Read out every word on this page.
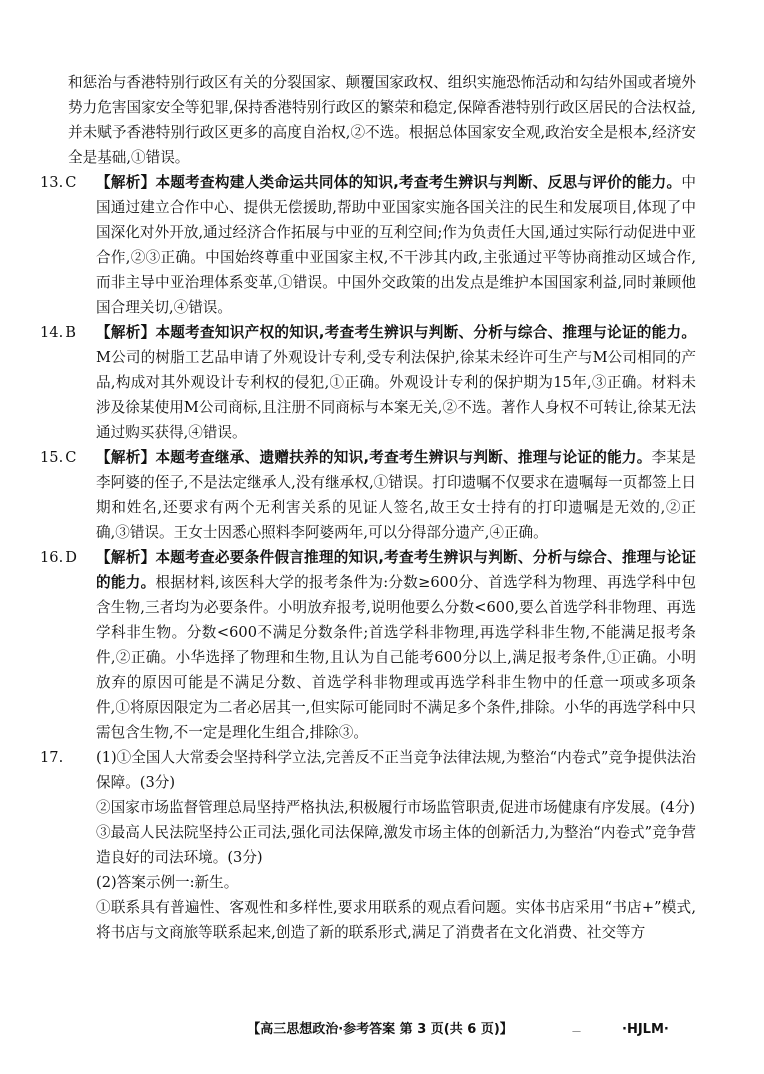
和惩治与香港特别行政区有关的分裂国家、颠覆国家政权、组织实施恐怖活动和勾结外国或者境外势力危害国家安全等犯罪,保持香港特别行政区的繁荣和稳定,保障香港特别行政区居民的合法权益,并未赋予香港特别行政区更多的高度自治权,②不选。根据总体国家安全观,政治安全是根本,经济安全是基础,①错误。

13. C 【解析】本题考查构建人类命运共同体的知识,考查考生辨识与判断、反思与评价的能力。中国通过建立合作中心、提供无偿援助,帮助中亚国家实施各国关注的民生和发展项目,体现了中国深化对外开放,通过经济合作拓展与中亚的互利空间;作为负责任大国,通过实际行动促进中亚合作,②③正确。中国始终尊重中亚国家主权,不干涉其内政,主张通过平等协商推动区域合作,而非主导中亚治理体系变革,①错误。中国外交政策的出发点是维护本国国家利益,同时兼顾他国合理关切,④错误。
14. B 【解析】本题考查知识产权的知识,考查考生辨识与判断、分析与综合、推理与论证的能力。M公司的树脂工艺品申请了外观设计专利,受专利法保护,徐某未经许可生产与M公司相同的产品,构成对其外观设计专利权的侵犯,①正确。外观设计专利的保护期为15年,③正确。材料未涉及徐某使用M公司商标,且注册不同商标与本案无关,②不选。著作人身权不可转让,徐某无法通过购买获得,④错误。
15. C 【解析】本题考查继承、遗赠扶养的知识,考查考生辨识与判断、推理与论证的能力。李某是李阿婆的侄子,不是法定继承人,没有继承权,①错误。打印遗嘱不仅要求在遗嘱每一页都签上日期和姓名,还要求有两个无利害关系的见证人签名,故王女士持有的打印遗嘱是无效的,②正确,③错误。王女士因悉心照料李阿婆两年,可以分得部分遗产,④正确。
16. D 【解析】本题考查必要条件假言推理的知识,考查考生辨识与判断、分析与综合、推理与论证的能力。根据材料,该医科大学的报考条件为:分数≥600分、首选学科为物理、再选学科中包含生物,三者均为必要条件。小明放弃报考,说明他要么分数<600,要么首选学科非物理、再选学科非生物。分数<600不满足分数条件;首选学科非物理,再选学科非生物,不能满足报考条件,②正确。小华选择了物理和生物,且认为自己能考600分以上,满足报考条件,①正确。小明放弃的原因可能是不满足分数、首选学科非物理或再选学科非生物中的任意一项或多项条件,①将原因限定为二者必居其一,但实际可能同时不满足多个条件,排除。小华的再选学科中只需包含生物,不一定是理化生组合,排除③。
17.	(1)①全国人大常委会坚持科学立法,完善反不正当竞争法律法规,为整治“内卷式”竞争提供法治保障。(3分)
②国家市场监督管理总局坚持严格执法,积极履行市场监管职责,促进市场健康有序发展。(4分)
③最高人民法院坚持公正司法,强化司法保障,激发市场主体的创新活力,为整治“内卷式”竞争营造良好的司法环境。(3分)
(2)答案示例一:新生。
①联系具有普遍性、客观性和多样性,要求用联系的观点看问题。实体书店采用“书店+”模式,将书店与文商旅等联系起来,创造了新的联系形式,满足了消费者在文化消费、社交等方
【高三思想政治·参考答案 第 3 页(共 6 页)】	—	·HJLM·
